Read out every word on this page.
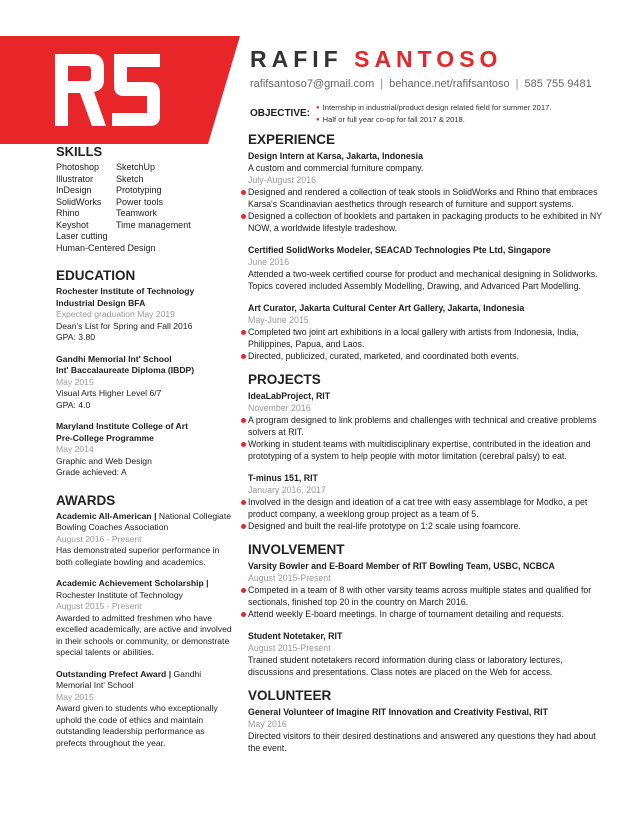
RAFIF SANTOSO
rafifsantoso7@gmail.com | behance.net/rafifsantoso | 585 755 9481
OBJECTIVE:
● Internship in industrial/product design related field for summer 2017.
● Half or full year co-op for fall 2017 & 2018.
SKILLS
Photoshop	SketchUp
Illustrator	Sketch
InDesign	Prototyping
SolidWorks	Power tools
Rhino	Teamwork
Keyshot	Time management
Laser cutting
Human-Centered Design
EDUCATION
Rochester Institute of Technology
Industrial Design BFA
Expected graduation May 2019
Dean's List for Spring and Fall 2016
GPA: 3.80
Gandhi Memorial Int' School
Int' Baccalaureate Diploma (IBDP)
May 2015
Visual Arts Higher Level 6/7
GPA: 4.0
Maryland Institute College of Art
Pre-College Programme
May 2014
Graphic and Web Design
Grade achieved: A
AWARDS
Academic All-American | National Collegiate Bowling Coaches Association
August 2016 - Present
Has demonstrated superior performance in both collegiate bowling and academics.
Academic Achievement Scholarship | Rochester Institute of Technology
August 2015 - Present
Awarded to admitted freshmen who have excelled academically, are active and involved in their schools or community, or demonstrate special talents or abilities.
Outstanding Prefect Award | Gandhi Memorial Int' School
May 2015
Award given to students who exceptionally uphold the code of ethics and maintain outstanding leadership performance as prefects throughout the year.
EXPERIENCE
Design Intern at Karsa, Jakarta, Indonesia
A custom and commercial furniture company.
July-August 2016
Designed and rendered a collection of teak stools in SolidWorks and Rhino that embraces Karsa's Scandinavian aesthetics through research of furniture and support systems.
Designed a collection of booklets and partaken in packaging products to be exhibited in NY NOW, a worldwide lifestyle tradeshow.
Certified SolidWorks Modeler, SEACAD Technologies Pte Ltd, Singapore
June 2016
Attended a two-week certified course for product and mechanical designing in Solidworks.
Topics covered included Assembly Modelling, Drawing, and Advanced Part Modelling.
Art Curator, Jakarta Cultural Center Art Gallery, Jakarta, Indonesia
May-June 2015
Completed two joint art exhibitions in a local gallery with artists from Indonesia, India, Philippines, Papua, and Laos.
Directed, publicized, curated, marketed, and coordinated both events.
PROJECTS
IdeaLabProject, RIT
November 2016
A program designed to link problems and challenges with technical and creative problems solvers at RIT.
Working in student teams with multidisciplinary expertise, contributed in the ideation and prototyping of a system to help people with motor limitation (cerebral palsy) to eat.
T-minus 151, RIT
January 2016, 2017
Involved in the design and ideation of a cat tree with easy assemblage for Modko, a pet product company, a weeklong group project as a team of 5.
Designed and built the real-life prototype on 1:2 scale using foamcore.
INVOLVEMENT
Varsity Bowler and E-Board Member of RIT Bowling Team, USBC, NCBCA
August 2015-Present
Competed in a team of 8 with other varsity teams across multiple states and qualified for sectionals, finished top 20 in the country on March 2016.
Attend weekly E-board meetings. In charge of tournament detailing and requests.
Student Notetaker, RIT
August 2015-Present
Trained student notetakers record information during class or laboratory lectures, discussions and presentations. Class notes are placed on the Web for access.
VOLUNTEER
General Volunteer of Imagine RIT Innovation and Creativity Festival, RIT
May 2016
Directed visitors to their desired destinations and answered any questions they had about the event.
